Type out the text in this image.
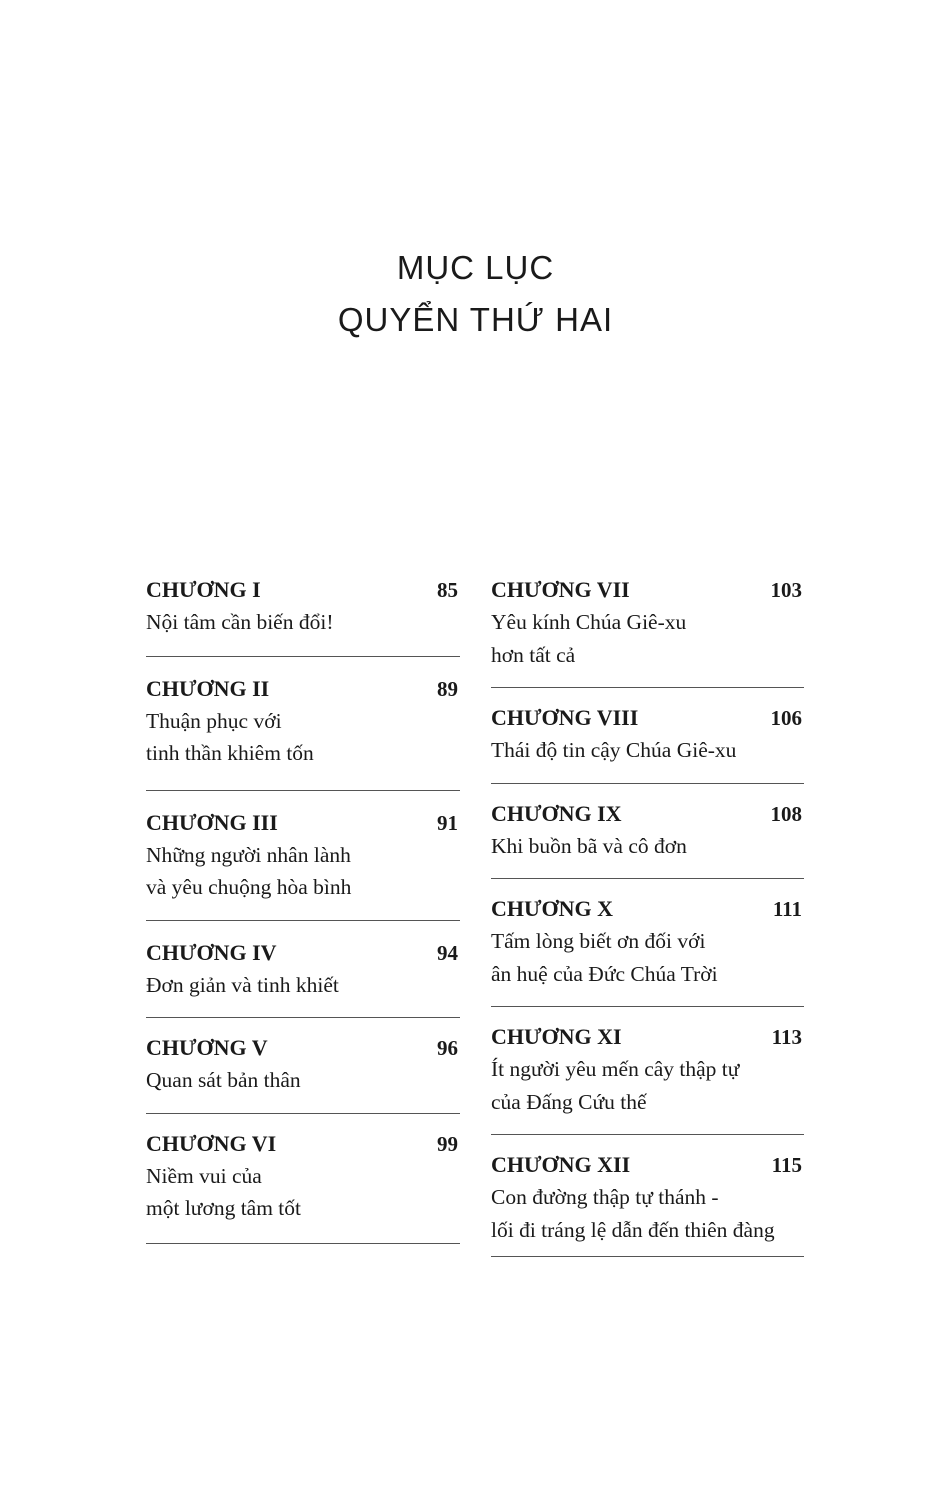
MỤC LỤC
QUYỂN THỨ HAI
CHƯƠNG I	85
Nội tâm cần biến đổi!
CHƯƠNG II	89
Thuận phục với
tinh thần khiêm tốn
CHƯƠNG III	91
Những người nhân lành
và yêu chuộng hòa bình
CHƯƠNG IV	94
Đơn giản và tinh khiết
CHƯƠNG V	96
Quan sát bản thân
CHƯƠNG VI	99
Niềm vui của
một lương tâm tốt
CHƯƠNG VII	103
Yêu kính Chúa Giê-xu
hơn tất cả
CHƯƠNG VIII	106
Thái độ tin cậy Chúa Giê-xu
CHƯƠNG IX	108
Khi buồn bã và cô đơn
CHƯƠNG X	111
Tấm lòng biết ơn đối với
ân huệ của Đức Chúa Trời
CHƯƠNG XI	113
Ít người yêu mến cây thập tự
của Đấng Cứu thế
CHƯƠNG XII	115
Con đường thập tự thánh -
lối đi tráng lệ dẫn đến thiên đàng
